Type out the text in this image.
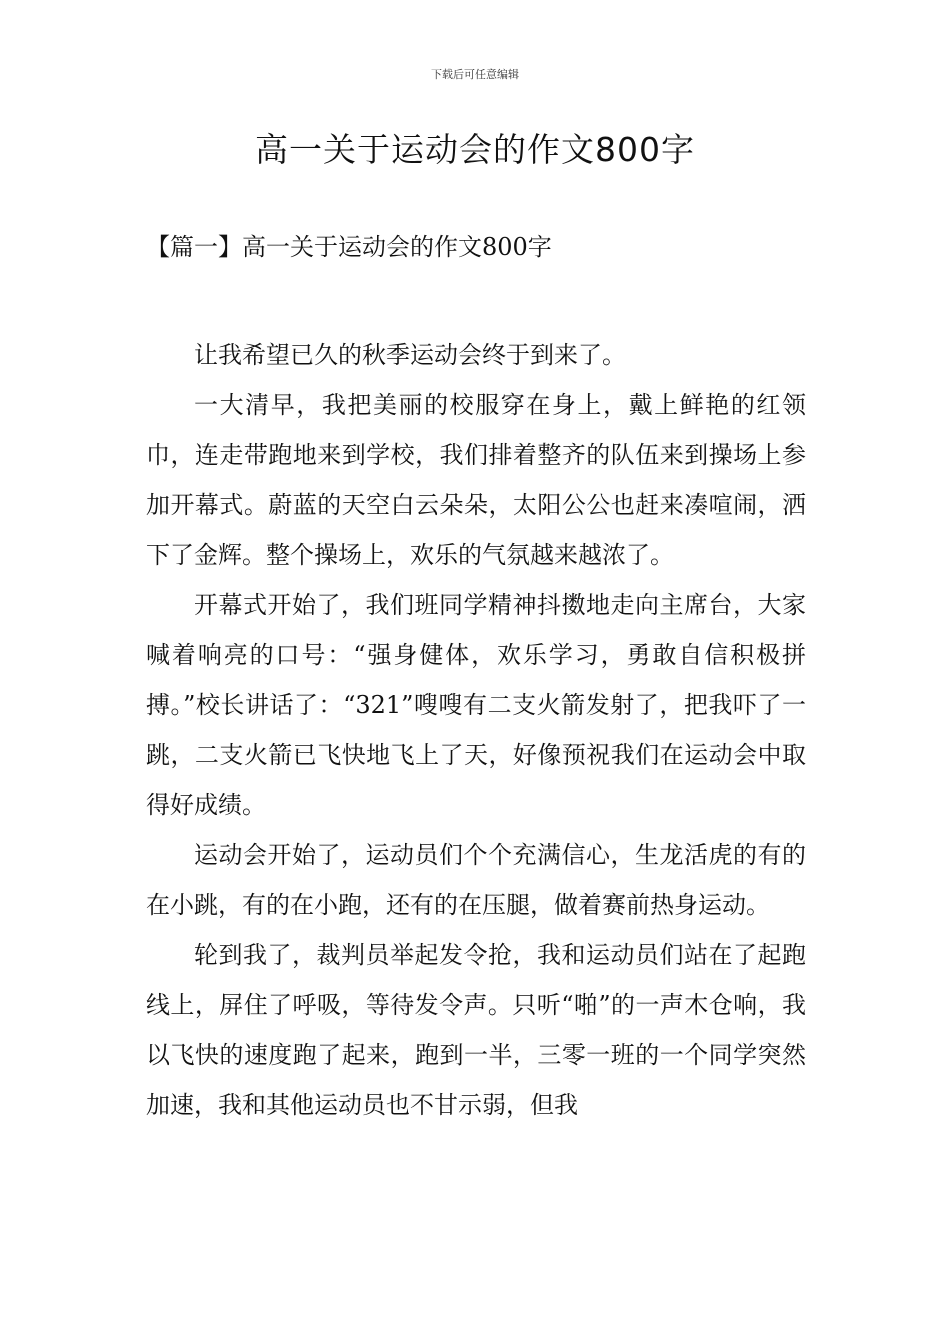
下载后可任意编辑
高一关于运动会的作文800字
【篇一】高一关于运动会的作文800字

让我希望已久的秋季运动会终于到来了。

一大清早，我把美丽的校服穿在身上，戴上鲜艳的红领巾，连走带跑地来到学校，我们排着整齐的队伍来到操场上参加开幕式。蔚蓝的天空白云朵朵，太阳公公也赶来凑喧闹，洒下了金辉。整个操场上，欢乐的气氛越来越浓了。

开幕式开始了，我们班同学精神抖擞地走向主席台，大家喊着响亮的口号：“强身健体，欢乐学习，勇敢自信积极拼搏。”校长讲话了：“321”嗖嗖有二支火箭发射了，把我吓了一跳，二支火箭已飞快地飞上了天，好像预祝我们在运动会中取得好成绩。

运动会开始了，运动员们个个充满信心，生龙活虎的有的在小跳，有的在小跑，还有的在压腿，做着赛前热身运动。

轮到我了，裁判员举起发令抢，我和运动员们站在了起跑线上，屏住了呼吸，等待发令声。只听“啪”的一声木仓响，我以飞快的速度跑了起来，跑到一半，三零一班的一个同学突然加速，我和其他运动员也不甘示弱，但我
